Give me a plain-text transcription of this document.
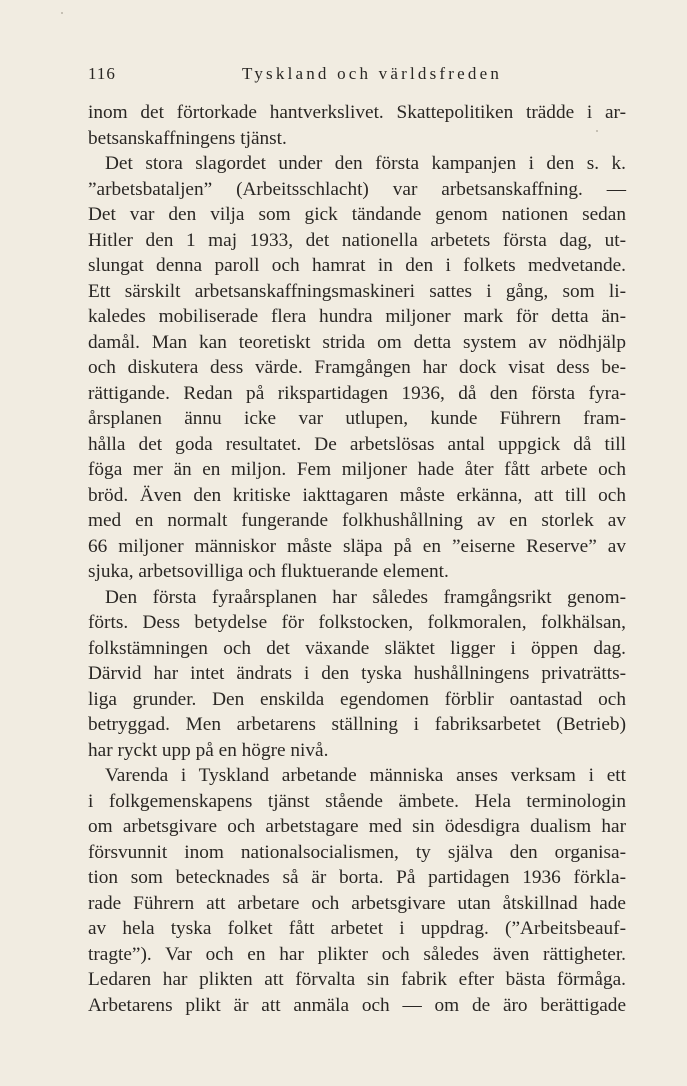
116	Tyskland och världsfreden
inom det förtorkade hantverkslivet. Skattepolitiken trädde i ar-
betsanskaffningens tjänst.
Det stora slagordet under den första kampanjen i den s. k.
”arbetsbataljen” (Arbeitsschlacht) var arbetsanskaffning. —
Det var den vilja som gick tändande genom nationen sedan
Hitler den 1 maj 1933, det nationella arbetets första dag, ut-
slungat denna paroll och hamrat in den i folkets medvetande.
Ett särskilt arbetsanskaffningsmaskineri sattes i gång, som li-
kaledes mobiliserade flera hundra miljoner mark för detta än-
damål. Man kan teoretiskt strida om detta system av nödhjälp
och diskutera dess värde. Framgången har dock visat dess be-
rättigande. Redan på rikspartidagen 1936, då den första fyra-
årsplanen ännu icke var utlupen, kunde Führern fram-
hålla det goda resultatet. De arbetslösas antal uppgick då till
föga mer än en miljon. Fem miljoner hade åter fått arbete och
bröd. Även den kritiske iakttagaren måste erkänna, att till och
med en normalt fungerande folkhushållning av en storlek av
66 miljoner människor måste släpa på en ”eiserne Reserve” av
sjuka, arbetsovilliga och fluktuerande element.
Den första fyraårsplanen har således framgångsrikt genom-
förts. Dess betydelse för folkstocken, folkmoralen, folkhälsan,
folkstämningen och det växande släktet ligger i öppen dag.
Därvid har intet ändrats i den tyska hushållningens privaträtts-
liga grunder. Den enskilda egendomen förblir oantastad och
betryggad. Men arbetarens ställning i fabriksarbetet (Betrieb)
har ryckt upp på en högre nivå.
Varenda i Tyskland arbetande människa anses verksam i ett
i folkgemenskapens tjänst stående ämbete. Hela terminologin
om arbetsgivare och arbetstagare med sin ödesdigra dualism har
försvunnit inom nationalsocialismen, ty själva den organisa-
tion som betecknades så är borta. På partidagen 1936 förkla-
rade Führern att arbetare och arbetsgivare utan åtskillnad hade
av hela tyska folket fått arbetet i uppdrag. (”Arbeitsbeauf-
tragte”). Var och en har plikter och således även rättigheter.
Ledaren har plikten att förvalta sin fabrik efter bästa förmåga.
Arbetarens plikt är att anmäla och — om de äro berättigade
